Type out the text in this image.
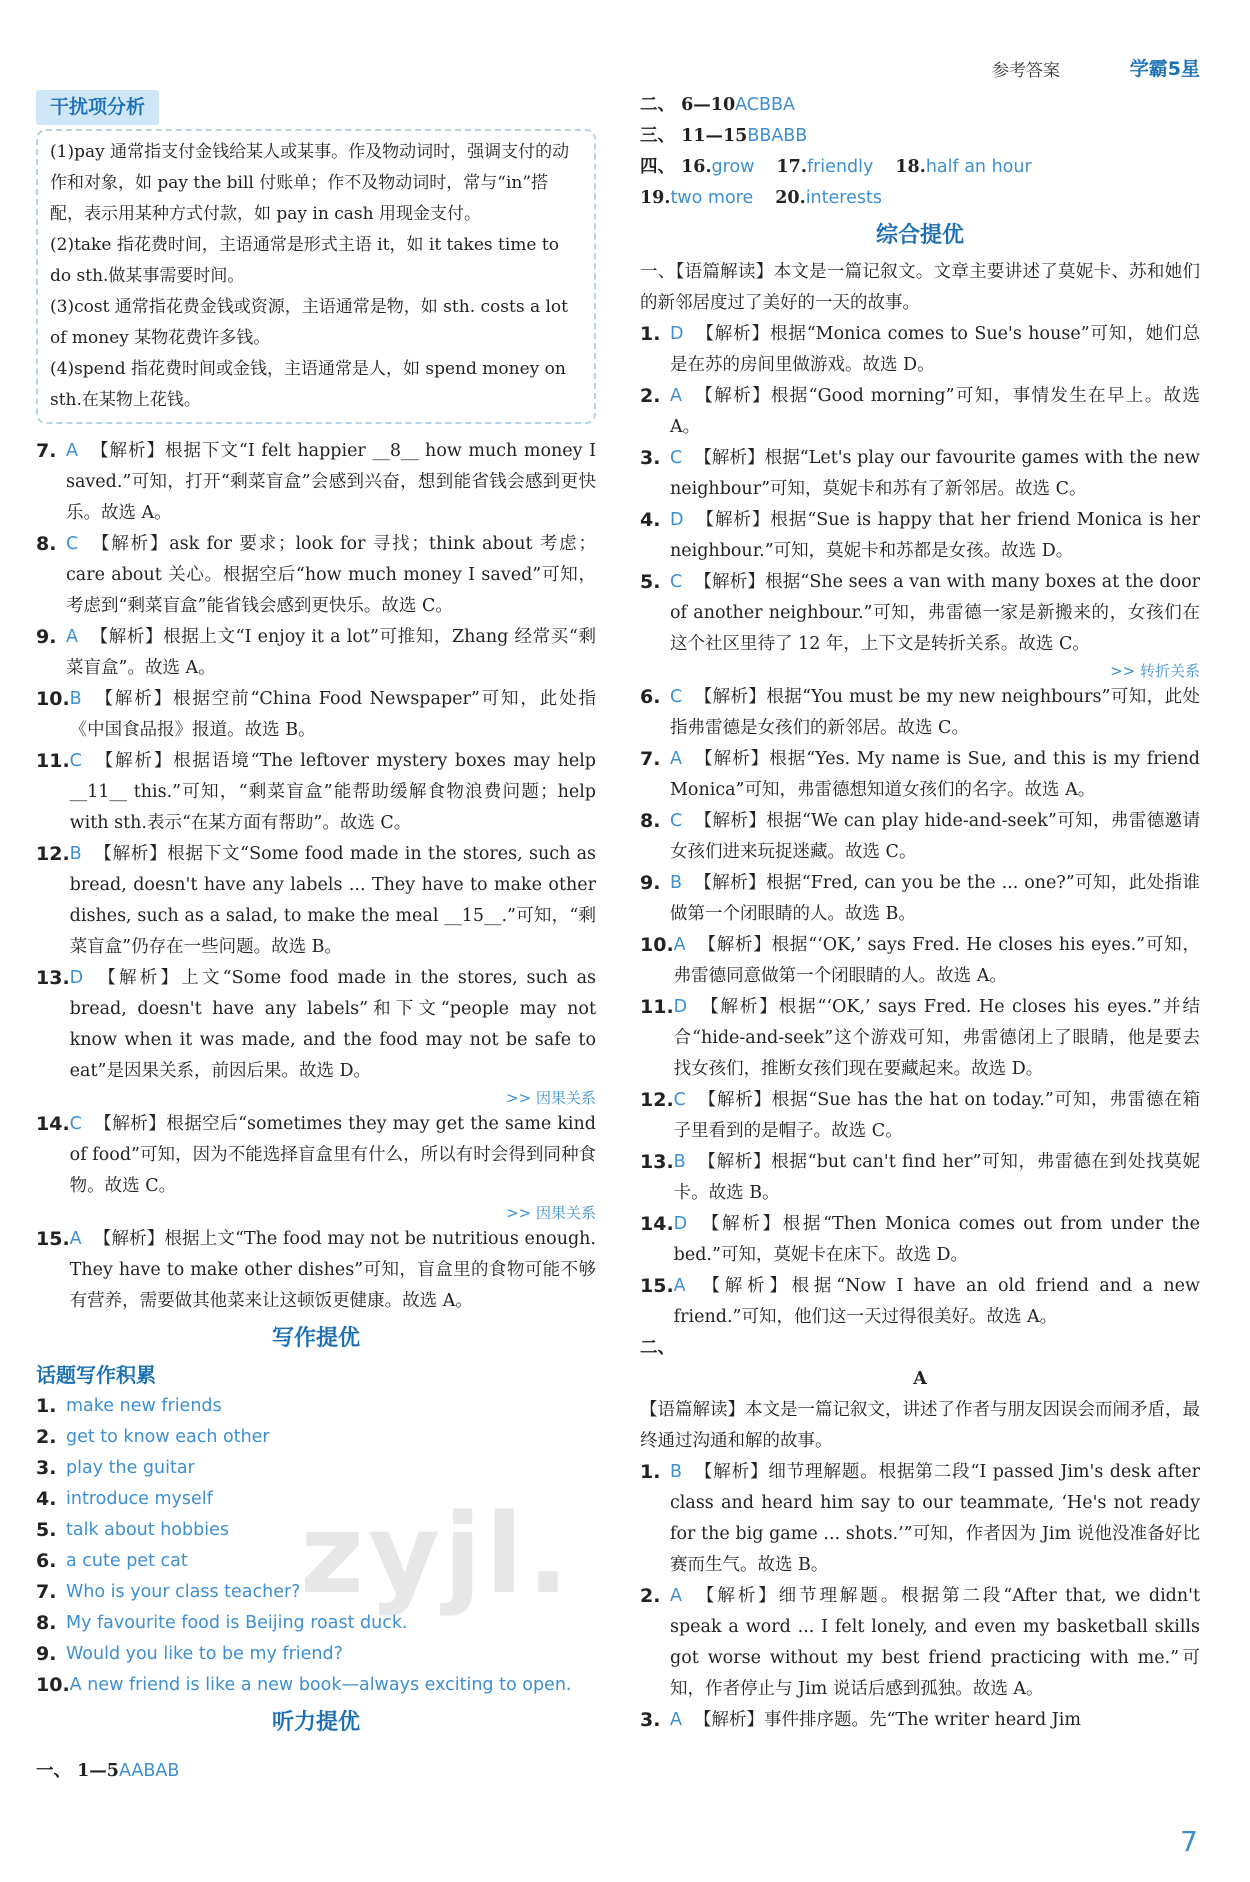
参考答案	学霸5星
干扰项分析
(1)pay 通常指支付金钱给某人或某事。作及物动词时，强调支付的动作和对象，如 pay the bill 付账单；作不及物动词时，常与“in”搭配，表示用某种方式付款，如 pay in cash 用现金支付。
(2)take 指花费时间，主语通常是形式主语 it，如 it takes time to do sth.做某事需要时间。
(3)cost 通常指花费金钱或资源，主语通常是物，如 sth. costs a lot of money 某物花费许多钱。
(4)spend 指花费时间或金钱，主语通常是人，如 spend money on sth.在某物上花钱。
7. A 【解析】根据下文“I felt happier __8__ how much money I saved.”可知，打开“剩菜盲盒”会感到兴奋，想到能省钱会感到更快乐。故选 A。
8. C 【解析】ask for 要求；look for 寻找；think about 考虑；care about 关心。根据空后“how much money I saved”可知，考虑到“剩菜盲盒”能省钱会感到更快乐。故选 C。
9. A 【解析】根据上文“I enjoy it a lot”可推知，Zhang 经常买“剩菜盲盒”。故选 A。
10. B 【解析】根据空前“China Food Newspaper”可知，此处指《中国食品报》报道。故选 B。
11. C 【解析】根据语境“The leftover mystery boxes may help __11__ this.”可知，“剩菜盲盒”能帮助缓解食物浪费问题；help with sth.表示“在某方面有帮助”。故选 C。
12. B 【解析】根据下文“Some food made in the stores, such as bread, doesn't have any labels ... They have to make other dishes, such as a salad, to make the meal __15__.”可知，“剩菜盲盒”仍存在一些问题。故选 B。
13. D 【解析】上文“Some food made in the stores, such as bread, doesn't have any labels”和下文“people may not know when it was made, and the food may not be safe to eat”是因果关系，前因后果。故选 D。
>> 因果关系
14. C 【解析】根据空后“sometimes they may get the same kind of food”可知，因为不能选择盲盒里有什么，所以有时会得到同种食物。故选 C。
>> 因果关系
15. A 【解析】根据上文“The food may not be nutritious enough. They have to make other dishes”可知，盲盒里的食物可能不够有营养，需要做其他菜来让这顿饭更健康。故选 A。
写作提优
话题写作积累
1. make new friends
2. get to know each other
3. play the guitar
4. introduce myself
5. talk about hobbies
6. a cute pet cat
7. Who is your class teacher?
8. My favourite food is Beijing roast duck.
9. Would you like to be my friend?
10. A new friend is like a new book—always exciting to open.
听力提优
一、 1—5AABAB
二、 6—10ACBBA
三、 11—15BBABB
四、 16.grow 17.friendly 18.half an hour
19.two more 20.interests
综合提优
一、【语篇解读】本文是一篇记叙文。文章主要讲述了莫妮卡、苏和她们的新邻居度过了美好的一天的故事。
1. D 【解析】根据“Monica comes to Sue's house”可知，她们总是在苏的房间里做游戏。故选 D。
2. A 【解析】根据“Good morning”可知，事情发生在早上。故选 A。
3. C 【解析】根据“Let's play our favourite games with the new neighbour”可知，莫妮卡和苏有了新邻居。故选 C。
4. D 【解析】根据“Sue is happy that her friend Monica is her neighbour.”可知，莫妮卡和苏都是女孩。故选 D。
5. C 【解析】根据“She sees a van with many boxes at the door of another neighbour.”可知，弗雷德一家是新搬来的，女孩们在这个社区里待了 12 年，上下文是转折关系。故选 C。
>> 转折关系
6. C 【解析】根据“You must be my new neighbours”可知，此处指弗雷德是女孩们的新邻居。故选 C。
7. A 【解析】根据“Yes. My name is Sue, and this is my friend Monica”可知，弗雷德想知道女孩们的名字。故选 A。
8. C 【解析】根据“We can play hide-and-seek”可知，弗雷德邀请女孩们进来玩捉迷藏。故选 C。
9. B 【解析】根据“Fred, can you be the ... one?”可知，此处指谁做第一个闭眼睛的人。故选 B。
10. A 【解析】根据“‘OK,’ says Fred. He closes his eyes.”可知，弗雷德同意做第一个闭眼睛的人。故选 A。
11. D 【解析】根据“‘OK,’ says Fred. He closes his eyes.”并结合“hide-and-seek”这个游戏可知，弗雷德闭上了眼睛，他是要去找女孩们，推断女孩们现在要藏起来。故选 D。
12. C 【解析】根据“Sue has the hat on today.”可知，弗雷德在箱子里看到的是帽子。故选 C。
13. B 【解析】根据“but can't find her”可知，弗雷德在到处找莫妮卡。故选 B。
14. D 【解析】根据“Then Monica comes out from under the bed.”可知，莫妮卡在床下。故选 D。
15. A 【解析】根据“Now I have an old friend and a new friend.”可知，他们这一天过得很美好。故选 A。
二、
A
【语篇解读】本文是一篇记叙文，讲述了作者与朋友因误会而闹矛盾，最终通过沟通和解的故事。
1. B 【解析】细节理解题。根据第二段“I passed Jim's desk after class and heard him say to our teammate, ‘He's not ready for the big game ... shots.’”可知，作者因为 Jim 说他没准备好比赛而生气。故选 B。
2. A 【解析】细节理解题。根据第二段“After that, we didn't speak a word ... I felt lonely, and even my basketball skills got worse without my best friend practicing with me.”可知，作者停止与 Jim 说话后感到孤独。故选 A。
3. A 【解析】事件排序题。先“The writer heard Jim
zyjl.
7
